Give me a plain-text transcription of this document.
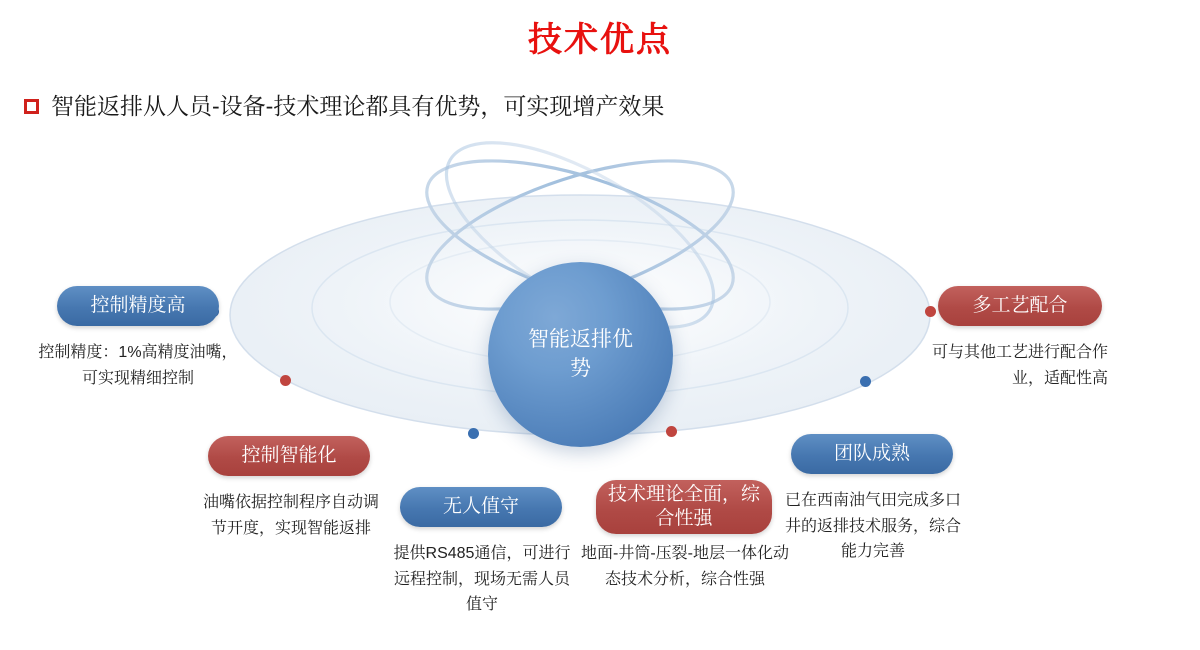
技术优点
智能返排从人员-设备-技术理论都具有优势，可实现增产效果
智能返排优势
控制精度高
控制精度：1%高精度油嘴，可实现精细控制
控制智能化
油嘴依据控制程序自动调节开度，实现智能返排
无人值守
提供RS485通信，可进行远程控制，现场无需人员值守
技术理论全面，综合性强
地面-井筒-压裂-地层一体化动态技术分析，综合性强
团队成熟
已在西南油气田完成多口井的返排技术服务，综合能力完善
多工艺配合
可与其他工艺进行配合作业，适配性高
